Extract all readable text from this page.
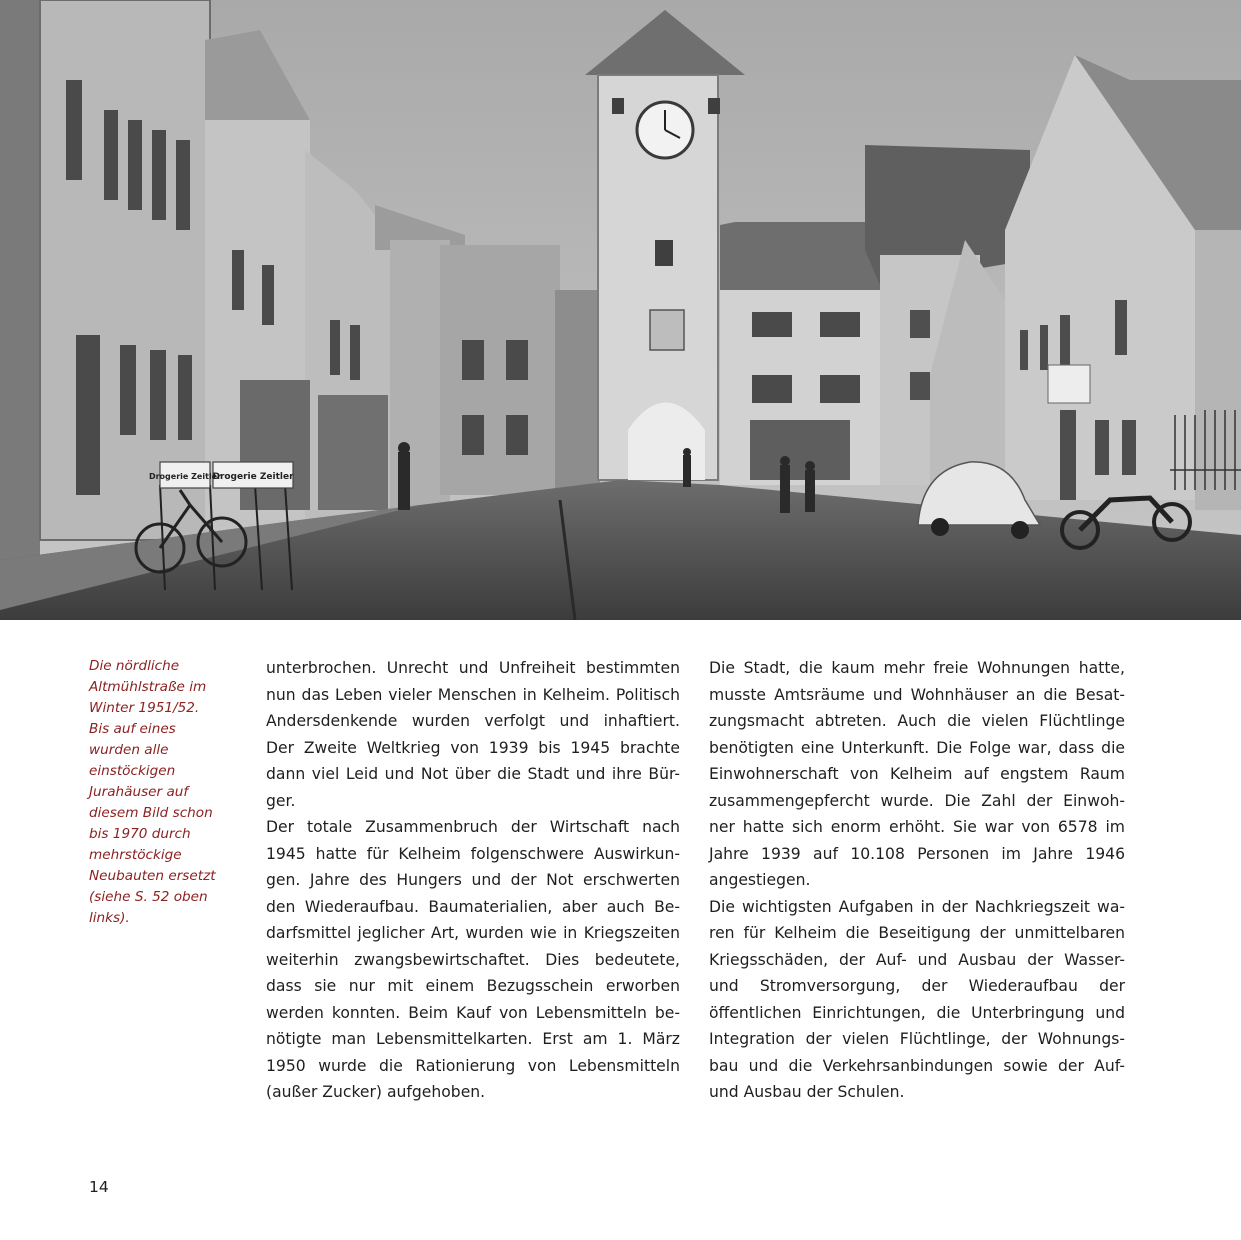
Drogerie Zeitler
Drogerie Zeitler
Die nördliche
Altmühlstraße im
Winter 1951/52.
Bis auf eines
wurden alle
einstöckigen
Jurahäuser auf
diesem Bild schon
bis 1970 durch
mehrstöckige
Neubauten ersetzt
(siehe S. 52 oben
links).
unterbrochen. Unrecht und Unfreiheit bestimmten
nun das Leben vieler Menschen in Kelheim. Politisch
Andersdenkende wurden verfolgt und inhaftiert.
Der Zweite Weltkrieg von 1939 bis 1945 brachte
dann viel Leid und Not über die Stadt und ihre Bür-
ger.
Der totale Zusammenbruch der Wirtschaft nach
1945 hatte für Kelheim folgenschwere Auswirkun-
gen. Jahre des Hungers und der Not erschwerten
den Wiederaufbau. Baumaterialien, aber auch Be-
darfsmittel jeglicher Art, wurden wie in Kriegszeiten
weiterhin zwangsbewirtschaftet. Dies bedeutete,
dass sie nur mit einem Bezugsschein erworben
werden konnten. Beim Kauf von Lebensmitteln be-
nötigte man Lebensmittelkarten. Erst am 1. März
1950 wurde die Rationierung von Lebensmitteln
(außer Zucker) aufgehoben.
Die Stadt, die kaum mehr freie Wohnungen hatte,
musste Amtsräume und Wohnhäuser an die Besat-
zungsmacht abtreten. Auch die vielen Flüchtlinge
benötigten eine Unterkunft. Die Folge war, dass die
Einwohnerschaft von Kelheim auf engstem Raum
zusammengepfercht wurde. Die Zahl der Einwoh-
ner hatte sich enorm erhöht. Sie war von 6578 im
Jahre 1939 auf 10.108 Personen im Jahre 1946
angestiegen.
Die wichtigsten Aufgaben in der Nachkriegszeit wa-
ren für Kelheim die Beseitigung der unmittelbaren
Kriegsschäden, der Auf- und Ausbau der Wasser-
und Stromversorgung, der Wiederaufbau der
öffentlichen Einrichtungen, die Unterbringung und
Integration der vielen Flüchtlinge, der Wohnungs-
bau und die Verkehrsanbindungen sowie der Auf-
und Ausbau der Schulen.
14
